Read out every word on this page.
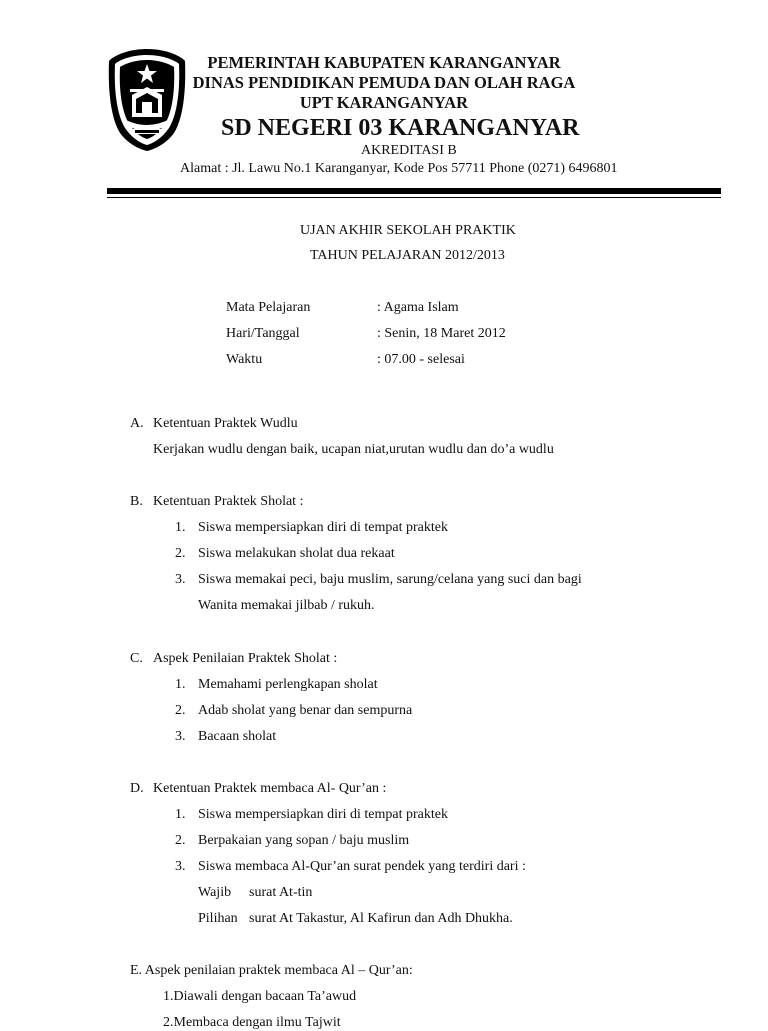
PEMERINTAH KABUPATEN KARANGANYAR
DINAS PENDIDIKAN PEMUDA DAN OLAH RAGA
UPT KARANGANYAR
SD NEGERI 03 KARANGANYAR
AKREDITASI B
Alamat : Jl. Lawu No.1 Karanganyar, Kode Pos 57711 Phone (0271) 6496801
UJAN AKHIR SEKOLAH PRAKTIK
TAHUN PELAJARAN 2012/2013
Mata Pelajaran	: Agama Islam
Hari/Tanggal	: Senin, 18 Maret 2012
Waktu	: 07.00 - selesai
A. Ketentuan Praktek Wudlu
Kerjakan wudlu dengan baik, ucapan niat,urutan wudlu dan do’a wudlu
B. Ketentuan Praktek Sholat :
1. Siswa mempersiapkan diri di tempat praktek
2. Siswa melakukan sholat dua rekaat
3. Siswa memakai peci, baju muslim, sarung/celana yang suci dan bagi
Wanita memakai jilbab / rukuh.
C. Aspek Penilaian Praktek Sholat :
1. Memahami perlengkapan sholat
2. Adab sholat yang benar dan sempurna
3. Bacaan sholat
D. Ketentuan Praktek membaca Al- Qur’an :
1. Siswa mempersiapkan diri di tempat praktek
2. Berpakaian yang sopan / baju muslim
3. Siswa membaca Al-Qur’an surat pendek yang terdiri dari :
Wajib surat At-tin
Pilihan surat At Takastur, Al Kafirun dan Adh Dhukha.
E. Aspek penilaian praktek membaca Al – Qur’an:
1.Diawali dengan bacaan Ta’awud
2.Membaca dengan ilmu Tajwit
